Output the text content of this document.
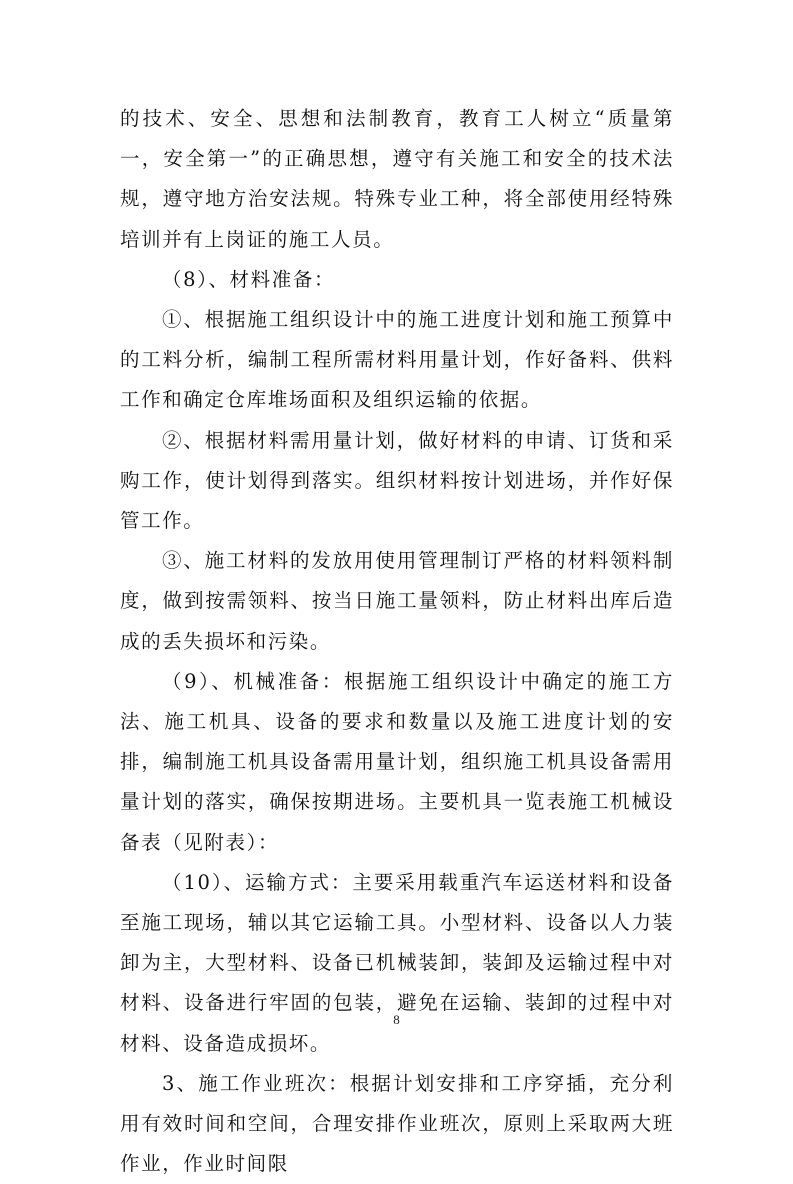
的技术、安全、思想和法制教育，教育工人树立“质量第一，安全第一”的正确思想，遵守有关施工和安全的技术法规，遵守地方治安法规。特殊专业工种，将全部使用经特殊培训并有上岗证的施工人员。

（8）、材料准备：

①、根据施工组织设计中的施工进度计划和施工预算中的工料分析，编制工程所需材料用量计划，作好备料、供料工作和确定仓库堆场面积及组织运输的依据。

②、根据材料需用量计划，做好材料的申请、订货和采购工作，使计划得到落实。组织材料按计划进场，并作好保管工作。

③、施工材料的发放用使用管理制订严格的材料领料制度，做到按需领料、按当日施工量领料，防止材料出库后造成的丢失损坏和污染。

（9）、机械准备：根据施工组织设计中确定的施工方法、施工机具、设备的要求和数量以及施工进度计划的安排，编制施工机具设备需用量计划，组织施工机具设备需用量计划的落实，确保按期进场。主要机具一览表施工机械设备表（见附表）：

（10）、运输方式：主要采用载重汽车运送材料和设备至施工现场，辅以其它运输工具。小型材料、设备以人力装卸为主，大型材料、设备已机械装卸，装卸及运输过程中对材料、设备进行牢固的包装，避免在运输、装卸的过程中对材料、设备造成损坏。

3、施工作业班次：根据计划安排和工序穿插，充分利用有效时间和空间，合理安排作业班次，原则上采取两大班作业，作业时间限

8
